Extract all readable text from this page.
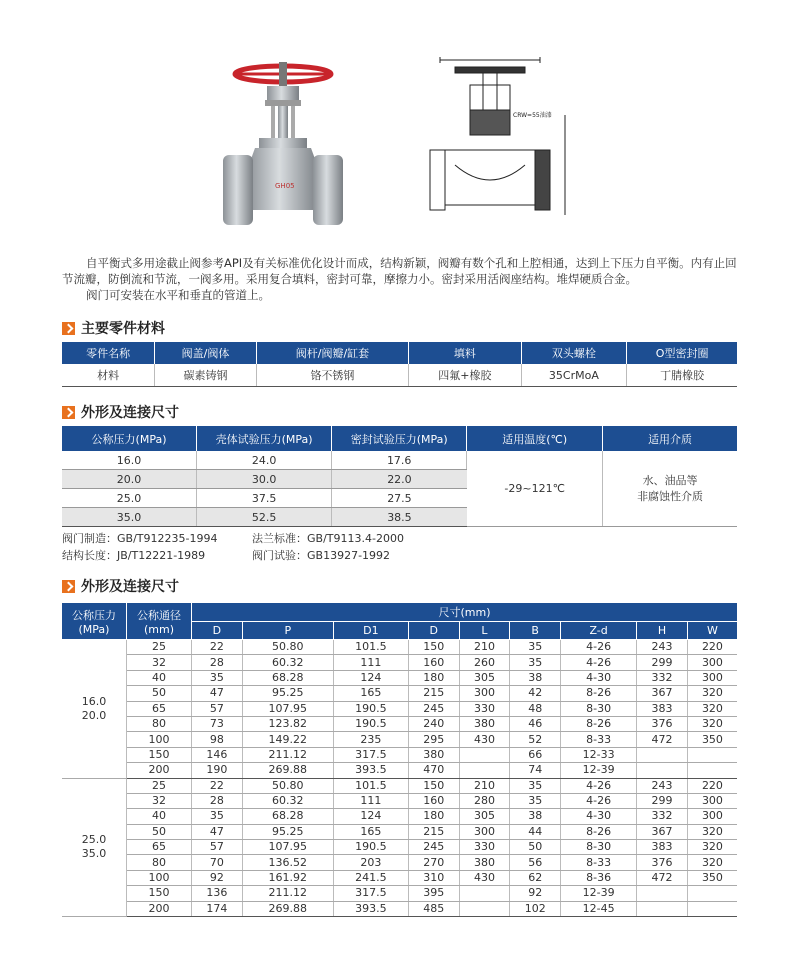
GH05
CRW=55油漆

自平衡式多用途截止阀参考API及有关标准优化设计而成，结构新颖，阀瓣有数个孔和上腔相通，达到上下压力自平衡。内有止回节流瓣，防倒流和节流，一阀多用。采用复合填料，密封可靠，摩擦力小。密封采用活阀座结构。堆焊硬质合金。

阀门可安装在水平和垂直的管道上。

主要零件材料
零件名称	阀盖/阀体	阀杆/阀瓣/缸套	填料	双头螺栓	O型密封圈
材料	碳素铸钢	铬不锈钢	四氟+橡胶	35CrMoA	丁腈橡胶
外形及连接尺寸
公称压力(MPa)	壳体试验压力(MPa)	密封试验压力(MPa)	适用温度(℃)	适用介质
16.0	24.0	17.6	-29~121℃	水、油品等
非腐蚀性介质

20.0	30.0	22.0		
25.0	37.5	27.5		
35.0	52.5	38.5		
阀门制造：GB/T912235-1994	法兰标准：GB/T9113.4-2000
结构长度：JB/T12221-1989	阀门试验：GB13927-1992
外形及连接尺寸
公称压力(MPa)	公称通径(mm)	尺寸(mm)								
		D	P	D1	D	L	B	Z-d	H	W

16.0
20.0	25	22	50.80	101.5	150	210	35	4-26	243	220
	32	28	60.32	111	160	260	35	4-26	299	300
	40	35	68.28	124	180	305	38	4-30	332	300
	50	47	95.25	165	215	300	42	8-26	367	320
	65	57	107.95	190.5	245	330	48	8-30	383	320
	80	73	123.82	190.5	240	380	46	8-26	376	320
	100	98	149.22	235	295	430	52	8-33	472	350
	150	146	211.12	317.5	380		66	12-33		
	200	190	269.88	393.5	470		74	12-39		

25.0
35.0	25	22	50.80	101.5	150	210	35	4-26	243	220
	32	28	60.32	111	160	280	35	4-26	299	300
	40	35	68.28	124	180	305	38	4-30	332	300
	50	47	95.25	165	215	300	44	8-26	367	320
	65	57	107.95	190.5	245	330	50	8-30	383	320
	80	70	136.52	203	270	380	56	8-33	376	320
	100	92	161.92	241.5	310	430	62	8-36	472	350
	150	136	211.12	317.5	395		92	12-39		
	200	174	269.88	393.5	485		102	12-45		
